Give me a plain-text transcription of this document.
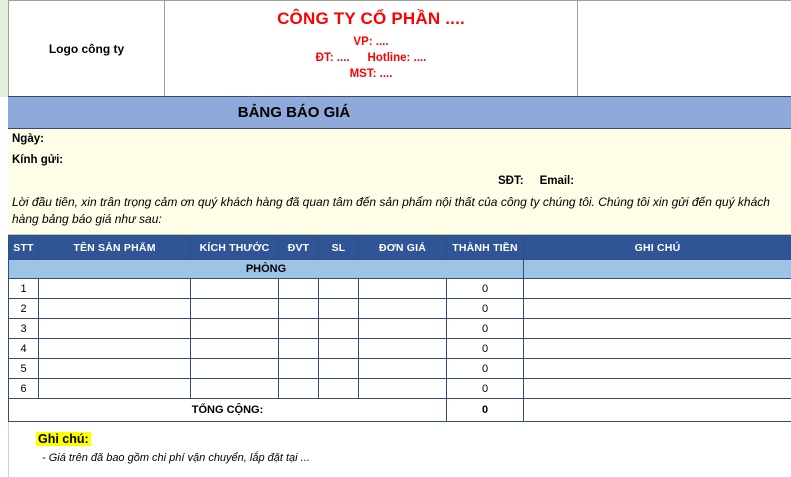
Logo công ty
CÔNG TY CỔ PHẦN ....
VP: ....
ĐT: .... Hotline: ....
MST: ....
BẢNG BÁO GIÁ
Ngày:
Kính gửi:
SĐT: Email:
Lời đầu tiên, xin trân trọng cảm ơn quý khách hàng đã quan tâm đến sản phẩm nội thất của công ty chúng tôi. Chúng tôi xin gửi đến quý khách hàng bảng báo giá như sau:
STT	TÊN SẢN PHẨM	KÍCH THƯỚC	ĐVT	SL	ĐƠN GIÁ	THÀNH TIỀN	GHI CHÚ
PHÒNG							
1						0	
2						0	
3						0	
4						0	
5						0	
6						0	
TỔNG CỘNG:						0	
Ghi chú:
- Giá trên đã bao gồm chi phí vận chuyển, lắp đặt tại ...
